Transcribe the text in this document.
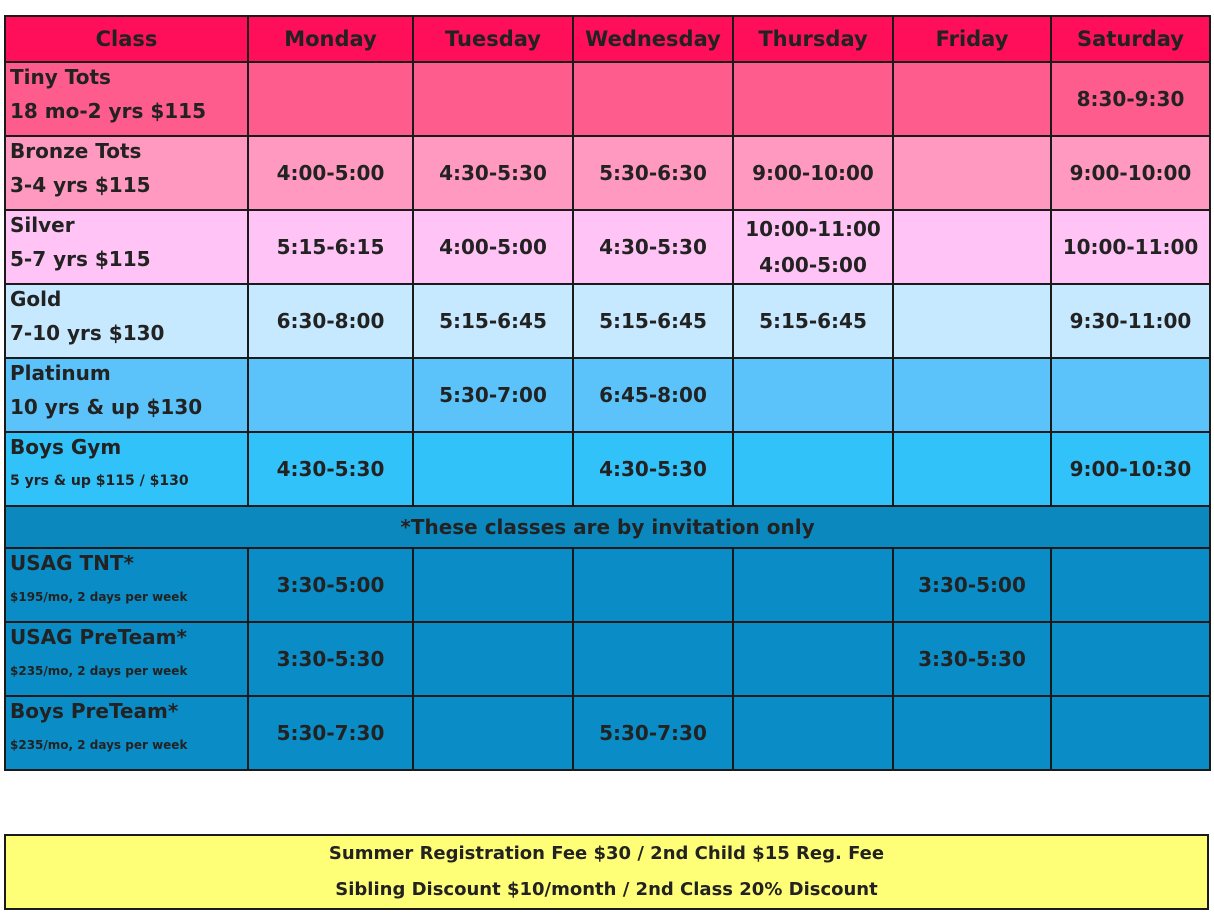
Class	Monday	Tuesday	Wednesday	Thursday	Friday	Saturday

Tiny Tots
18 mo-2 yrs $115						8:30-9:30

Bronze Tots
3-4 yrs $115	4:00-5:00	4:30-5:30	5:30-6:30	9:00-10:00		9:00-10:00

Silver
5-7 yrs $115	5:15-6:15	4:00-5:00	4:30-5:30	10:00-11:00
4:00-5:00		10:00-11:00

Gold
7-10 yrs $130	6:30-8:00	5:15-6:45	5:15-6:45	5:15-6:45		9:30-11:00

Platinum
10 yrs & up $130		5:30-7:00	6:45-8:00			

Boys Gym
5 yrs & up $115 / $130	4:30-5:30		4:30-5:30			9:00-10:30
*These classes are by invitation only						

USAG TNT*
$195/mo, 2 days per week	3:30-5:00				3:30-5:00	

USAG PreTeam*
$235/mo, 2 days per week	3:30-5:30				3:30-5:30	

Boys PreTeam*
$235/mo, 2 days per week	5:30-7:30		5:30-7:30			
Summer Registration Fee $30 / 2nd Child $15 Reg. Fee
Sibling Discount $10/month / 2nd Class 20% Discount
